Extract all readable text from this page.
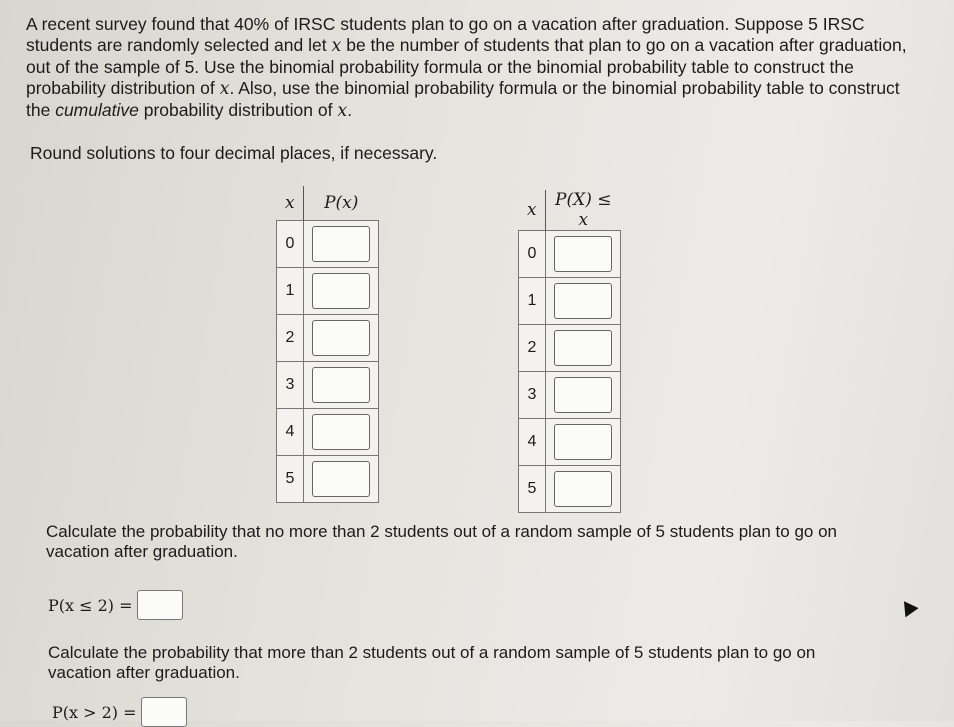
A recent survey found that 40% of IRSC students plan to go on a vacation after graduation. Suppose 5 IRSC students are randomly selected and let x be the number of students that plan to go on a vacation after graduation, out of the sample of 5. Use the binomial probability formula or the binomial probability table to construct the probability distribution of x. Also, use the binomial probability formula or the binomial probability table to construct the cumulative probability distribution of x.
Round solutions to four decimal places, if necessary.
x	P(x)
0	
1	
2	
3	
4	
5	
x	P(X) ≤ x
0	
1	
2	
3	
4	
5	
Calculate the probability that no more than 2 students out of a random sample of 5 students plan to go on vacation after graduation.
P(x ≤ 2) =
Calculate the probability that more than 2 students out of a random sample of 5 students plan to go on vacation after graduation.
P(x > 2) =
